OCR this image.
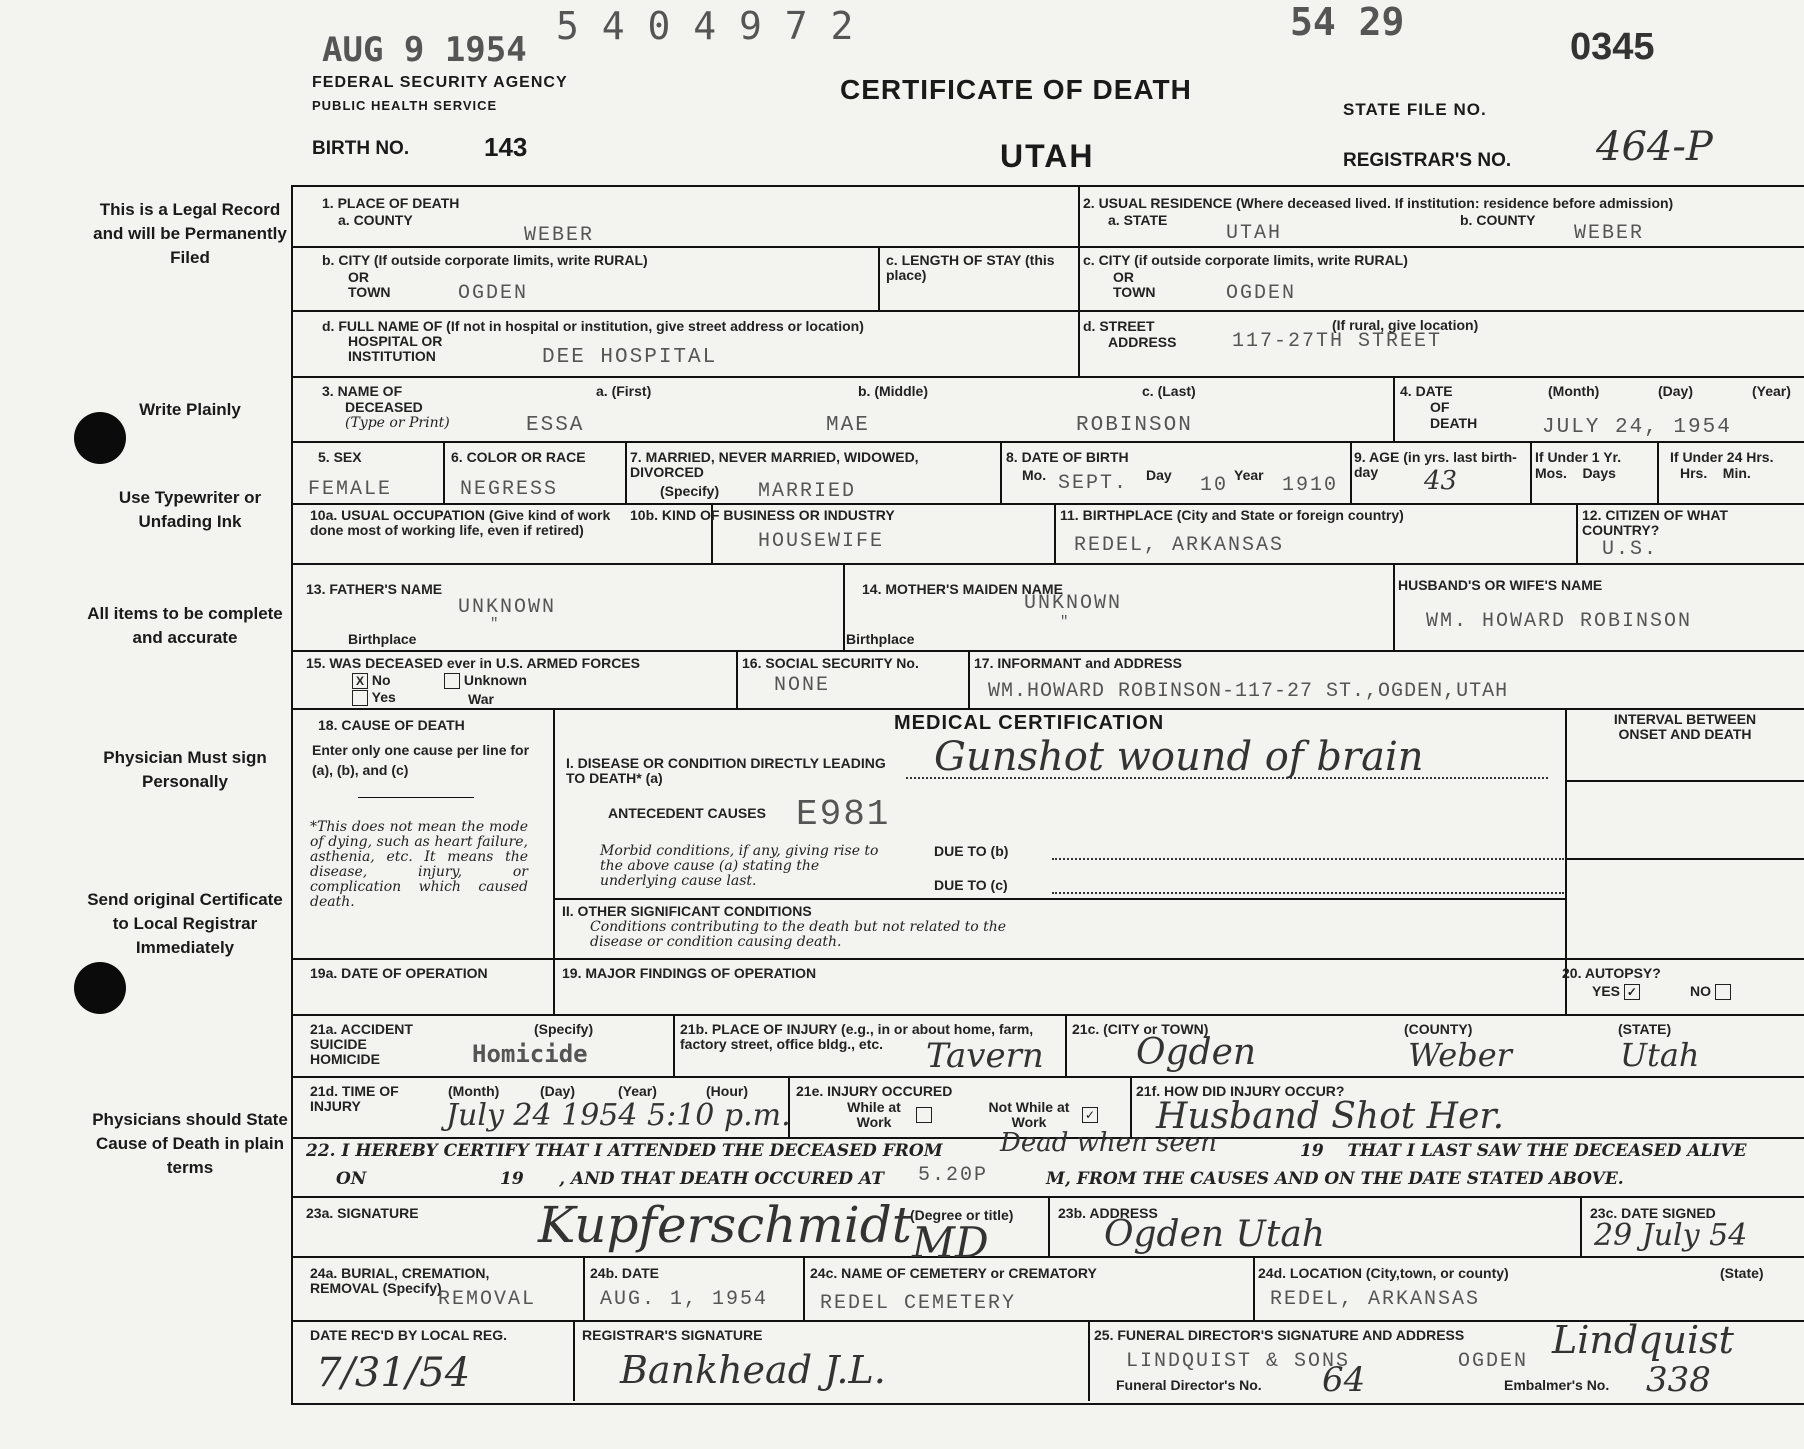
AUG 9 1954
5 4 0 4 9 7 2	54 29
0345
FEDERAL SECURITY AGENCY
PUBLIC HEALTH SERVICE
CERTIFICATE OF DEATH
UTAH
BIRTH NO.	143
STATE FILE NO.
REGISTRAR'S NO. 464-P
This is a Legal Record and will be Permanently Filed
Write Plainly
Use Typewriter or Unfading Ink
All items to be complete and accurate
Physician Must sign Personally
Send original Certificate to Local Registrar Immediately
Physicians should State Cause of Death in plain terms
1. PLACE OF DEATH
a. COUNTY
WEBER
b. CITY (If outside corporate limits, write RURAL)
OR
TOWN	OGDEN
c. LENGTH OF STAY (this place)
d. FULL NAME OF (If not in hospital or institution, give street address or location)
HOSPITAL OR
INSTITUTION	DEE HOSPITAL
2. USUAL RESIDENCE (Where deceased lived. If institution: residence before admission)
a. STATE
UTAH
b. COUNTY
WEBER
c. CITY (if outside corporate limits, write RURAL)
OR
TOWN	OGDEN
d. STREET
ADDRESS
(If rural, give location)
117-27TH STREET
3. NAME OF
DECEASED
(Type or Print)
a. (First)	b. (Middle)	c. (Last)
ESSA	MAE	ROBINSON
4. DATE
OF
DEATH
(Month)	(Day)	(Year)
JULY 24, 1954
5. SEX
FEMALE
6. COLOR OR RACE
NEGRESS
7. MARRIED, NEVER MARRIED, WIDOWED, DIVORCED
(Specify) MARRIED
8. DATE OF BIRTH
Mo. SEPT. Day 10 Year 1910
9. AGE (in yrs. last birth-day	43
If Under 1 Yr.
Mos.    Days
If Under 24 Hrs.
Hrs.    Min.
10a. USUAL OCCUPATION (Give kind of work done most of working life, even if retired)
10b. KIND OF BUSINESS OR INDUSTRY
HOUSEWIFE
11. BIRTHPLACE (City and State or foreign country)
REDEL, ARKANSAS
12. CITIZEN OF WHAT COUNTRY?
U.S.
13. FATHER'S NAME
UNKNOWN
"
Birthplace
14. MOTHER'S MAIDEN NAME
UNKNOWN
"
Birthplace
HUSBAND'S OR WIFE'S NAME
WM. HOWARD ROBINSON
15. WAS DECEASED ever in U.S. ARMED FORCES
X No	Unknown
Yes	War
16. SOCIAL SECURITY No.
NONE
17. INFORMANT and ADDRESS
WM.HOWARD ROBINSON-117-27 ST.,OGDEN,UTAH
18. CAUSE OF DEATH
Enter only one cause per line for (a), (b), and (c)
*This does not mean the mode of dying, such as heart failure, asthenia, etc. It means the disease, injury, or complication which caused death.
MEDICAL CERTIFICATION	INTERVAL BETWEEN ONSET AND DEATH
I. DISEASE OR CONDITION DIRECTLY LEADING TO DEATH* (a)	Gunshot wound of brain
ANTECEDENT CAUSES E981
Morbid conditions, if any, giving rise to the above cause (a) stating the underlying cause last.
DUE TO (b)
DUE TO (c)
II. OTHER SIGNIFICANT CONDITIONS
Conditions contributing to the death but not related to the disease or condition causing death.
19a. DATE OF OPERATION	19. MAJOR FINDINGS OF OPERATION	20. AUTOPSY?
YES ✓	NO
21a. ACCIDENT SUICIDE HOMICIDE
(Specify)
Homicide
21b. PLACE OF INJURY (e.g., in or about home, farm, factory street, office bldg., etc.	Tavern
21c. (CITY or TOWN)
Ogden
(COUNTY)
Weber
(STATE)
Utah
21d. TIME OF INJURY
(Month)	(Day)	(Year)	(Hour)
July 24 1954 5:10 p.m.
21e. INJURY OCCURED
While at Work
Not While at Work	✓
21f. HOW DID INJURY OCCUR?
Husband Shot Her.
22. I HEREBY CERTIFY THAT I ATTENDED THE DECEASED FROM Dead when seen	19    THAT I LAST SAW THE DECEASED ALIVE
ON	19      , AND THAT DEATH OCCURED AT 5.20P	M, FROM THE CAUSES AND ON THE DATE STATED ABOVE.
23a. SIGNATURE Kupferschmidt
(Degree or title)
MD
23b. ADDRESS
Ogden Utah
23c. DATE SIGNED
29 July 54
24a. BURIAL, CREMATION, REMOVAL (Specify)
REMOVAL
24b. DATE
AUG. 1, 1954
24c. NAME OF CEMETERY or CREMATORY
REDEL CEMETERY
24d. LOCATION (City,town, or county)	(State)
REDEL, ARKANSAS
DATE REC'D BY LOCAL REG.
7/31/54
REGISTRAR'S SIGNATURE
Bankhead J.L.
25. FUNERAL DIRECTOR'S SIGNATURE AND ADDRESS
LINDQUIST & SONS	OGDEN Lindquist
Funeral Director's No. 64	Embalmer's No. 338
